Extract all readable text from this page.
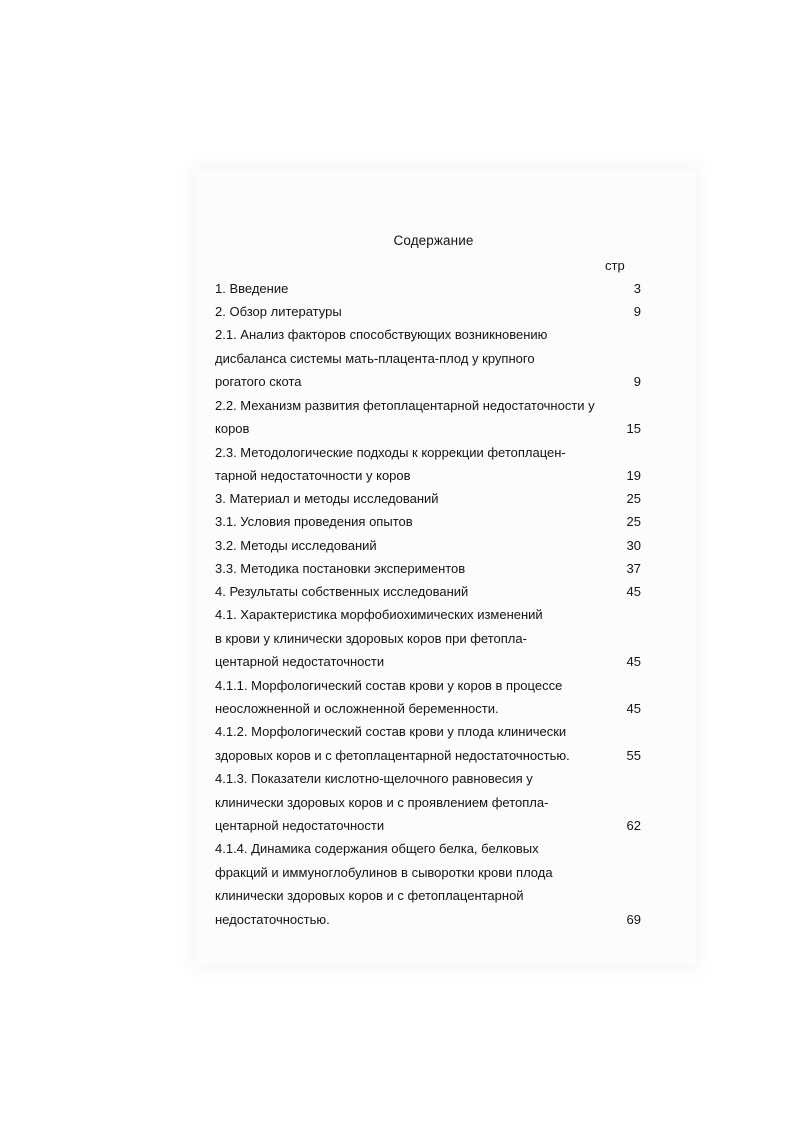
Содержание
стр
1. Введение	3
2. Обзор литературы	9
2.1. Анализ факторов способствующих возникновению
дисбаланса системы мать-плацента-плод у крупного
рогатого скота	9
2.2. Механизм развития фетоплацентарной недостаточности у
коров	15
2.3. Методологические подходы к коррекции фетоплацен-
тарной недостаточности у коров	19
3. Материал и методы исследований	25
3.1. Условия проведения опытов	25
3.2. Методы исследований	30
3.3. Методика постановки экспериментов	37
4. Результаты собственных исследований	45
4.1. Характеристика морфобиохимических изменений
в крови у клинически здоровых коров при фетопла-
центарной недостаточности	45
4.1.1. Морфологический состав крови у коров в процессе
неосложненной и осложненной беременности.	45
4.1.2. Морфологический состав крови у плода клинически
здоровых коров и с фетоплацентарной недостаточностью.	55
4.1.3. Показатели кислотно-щелочного равновесия у
клинически здоровых коров и с проявлением фетопла-
центарной недостаточности	62
4.1.4. Динамика содержания общего белка, белковых
фракций и иммуноглобулинов в сыворотки крови плода
клинически здоровых коров и с фетоплацентарной
недостаточностью.	69
